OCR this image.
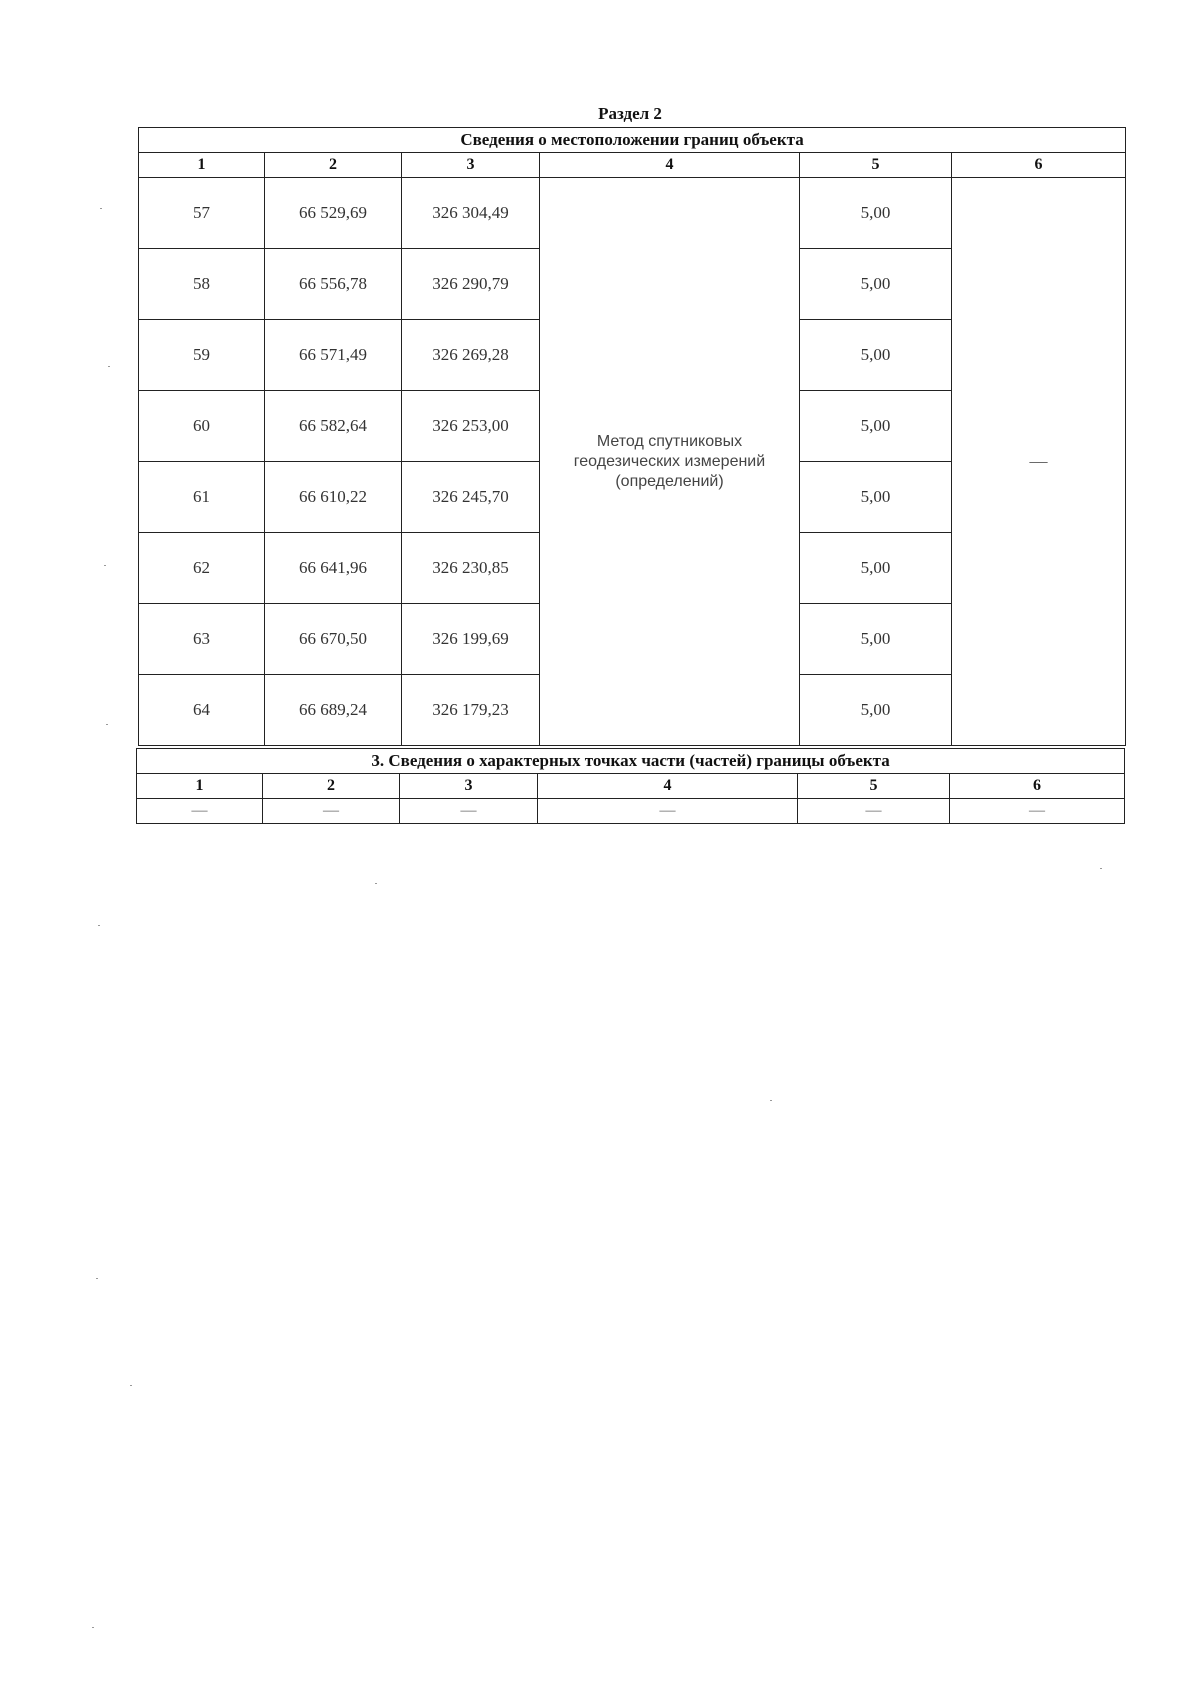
Раздел 2
Сведения о местоположении границ объекта					
1	2	3	4	5	6
57	66 529,69	326 304,49	Метод спутниковых геодезических измерений (определений)	5,00	—
58	66 556,78	326 290,79		5,00	
59	66 571,49	326 269,28		5,00	
60	66 582,64	326 253,00		5,00	
61	66 610,22	326 245,70		5,00	
62	66 641,96	326 230,85		5,00	
63	66 670,50	326 199,69		5,00	
64	66 689,24	326 179,23		5,00	
3. Сведения о характерных точках части (частей) границы объекта					
1	2	3	4	5	6
—	—	—	—	—	—
